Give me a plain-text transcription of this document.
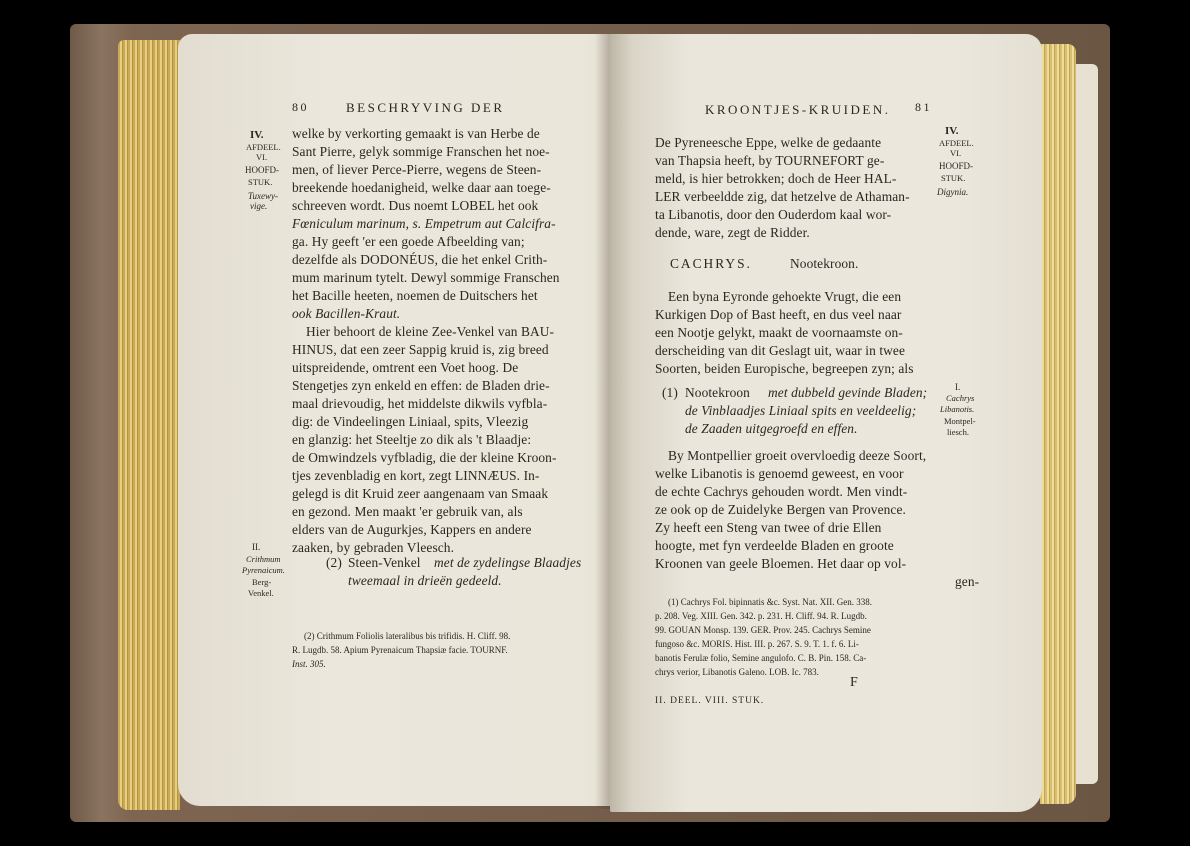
80	BESCHRYVING DER
IV.
AFDEEL.
VI.
HOOFD-
STUK.
Tuxewy-
vige.
welke by verkorting gemaakt is van Herbe de
Sant Pierre, gelyk sommige Franschen het noe-
men, of liever Perce-Pierre, wegens de Steen-
breekende hoedanigheid, welke daar aan toege-
schreeven wordt. Dus noemt LOBEL het ook
Fœniculum marinum, s. Empetrum aut Calcifra-
ga. Hy geeft 'er een goede Afbeelding van;
dezelfde als DODONÉUS, die het enkel Crith-
mum marinum tytelt. Dewyl sommige Franschen
het Bacille heeten, noemen de Duitschers het
ook Bacillen-Kraut.
Hier behoort de kleine Zee-Venkel van BAU-
HINUS, dat een zeer Sappig kruid is, zig breed
uitspreidende, omtrent een Voet hoog. De
Stengetjes zyn enkeld en effen: de Bladen drie-
maal drievoudig, het middelste dikwils vyfbla-
dig: de Vindeelingen Liniaal, spits, Vleezig
en glanzig: het Steeltje zo dik als 't Blaadje:
de Omwindzels vyfbladig, die der kleine Kroon-
tjes zevenbladig en kort, zegt LINNÆUS. In-
gelegd is dit Kruid zeer aangenaam van Smaak
en gezond. Men maakt 'er gebruik van, als
elders van de Augurkjes, Kappers en andere
zaaken, by gebraden Vleesch.
II.
Crithmum
Pyrenaicum.
Berg-
Venkel.
(2) Steen-Venkel met de zydelingse Blaadjes
tweemaal in drieën gedeeld.
(2) Crithmum Foliolis lateralibus bis trifidis. H. Cliff. 98.
R. Lugdb. 58. Apium Pyrenaicum Thapsiæ facie. TOURNF.
Inst. 305.
KROONTJES-KRUIDEN. 81
IV.
AFDEEL.
VI.
HOOFD-
STUK.
Digynia.
De Pyreneesche Eppe, welke de gedaante
van Thapsia heeft, by TOURNEFORT ge-
meld, is hier betrokken; doch de Heer HAL-
LER verbeeldde zig, dat hetzelve de Athaman-
ta Libanotis, door den Ouderdom kaal wor-
dende, ware, zegt de Ridder.
CACHRYS.	Nootekroon.
Een byna Eyronde gehoekte Vrugt, die een
Kurkigen Dop of Bast heeft, en dus veel naar
een Nootje gelykt, maakt de voornaamste on-
derscheiding van dit Geslagt uit, waar in twee
Soorten, beiden Europische, begreepen zyn; als
(1) Nootekroon met dubbeld gevinde Bladen;
de Vinblaadjes Liniaal spits en veeldeelig;
de Zaaden uitgegroefd en effen.
I.
Cachrys
Libanotis.
Montpel-
liesch.
By Montpellier groeit overvloedig deeze Soort,
welke Libanotis is genoemd geweest, en voor
de echte Cachrys gehouden wordt. Men vindt-
ze ook op de Zuidelyke Bergen van Provence.
Zy heeft een Steng van twee of drie Ellen
hoogte, met fyn verdeelde Bladen en groote
Kroonen van geele Bloemen. Het daar op vol-
gen-
(1) Cachrys Fol. bipinnatis &c. Syst. Nat. XII. Gen. 338.
p. 208. Veg. XIII. Gen. 342. p. 231. H. Cliff. 94. R. Lugdb.
99. GOUAN Monsp. 139. GER. Prov. 245. Cachrys Semine
fungoso &c. MORIS. Hist. III. p. 267. S. 9. T. 1. f. 6. Li-
banotis Ferulæ folio, Semine angulofo. C. B. Pin. 158. Ca-
chrys verior, Libanotis Galeno. LOB. Ic. 783.
F
II. DEEL. VIII. STUK.
